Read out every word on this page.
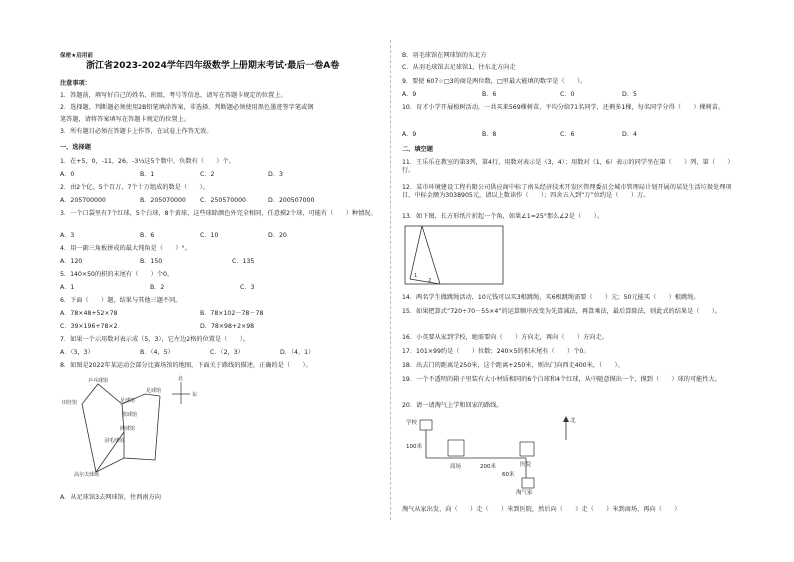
保密★启用前
浙江省2023-2024学年四年级数学上册期末考试·最后一卷A卷
注意事项：
1．答题前，填写好自己的姓名、班级、考号等信息，请写在答题卡规定的位置上。
2．选择题、判断题必须使用2B铅笔填涂答案，非选择、判断题必须使用黑色墨迹签字笔或钢
笔答题，请将答案填写在答题卡规定的位置上。
3．所有题目必须在答题卡上作答，在试卷上作答无效。
一、选择题
1．在+5，0，-11，26，-3⅓这5个数中，负数有（　　）个。
A．0	B．1	C．2	D．3
2．由2个亿、5个百万、7个十万组成的数是（　　）。
A．205700000	B．205070000 C．250570000	D．200507000
3．一个口袋里有7个红球，5个白球，8个黄球，这些球除颜色外完全相同，任意摸2个球，可能有（　　）种情况。
A．3	B．6	C．10	D．20
4．用一副三角板拼成的最大钝角是（　　）°。
A．120	B．150	C．135
5．140×50的积的末尾有（　　）个0。
A．1	B．2	C．3
6．下面（　　）题，结果与其他三题不同。
A．78×48+52×78	B．78×102－78－78
C．39×196+78×2	D．78×98+2×98
7．如果一个示用数对表示成（5，3），它左边2格的位置是（　　）。
A．（3，3）	B．（4，5）	C．（2，3）	D．（4，1）
8．如图是2022年某运动会部分比赛场馆的地图，下面关于路线的描述，正确的是（　　）。
乒乓球馆
足球馆
足球馆
篮球馆
田径馆
网球馆
羽毛球馆
高尔夫球场
北
东
A．从足球馆3去网球馆，往西南方向
B．羽毛球馆在网球馆的东北方
C．从羽毛球馆去足球馆1，往东北方向走
9．要使 607☆□3的商是两位数，□里最大能填的数字是（　　）。
A．9	B．6	C．0	D．5
10．育才小学开展植树活动，一共买来569棵树苗，平均分给71名同学，还剩多1棵，每名同学分得（　　）棵树苗。
A．9	B．8	C．6	D．4
二、填空题
11．王乐乐在教室的第3列，第4行，用数对表示是（3，4）；用数对（1，6）表示的同学坐在第（　　）列，第（　　）行。
12．某市环境建设工程有限公司供应商中标了南头经济技术开发区管理委员会城市管理局计划开展的某处生活垃圾处理项目，中标金额为3038905元，请以上数读作（　　）；四舍五入到“万”位约是（　　）万。
13．如下图，长方形纸片折起一个角，如果∠1=25°那么∠2是（　　）。
1
2
14．两名学生做跳绳活动，10元钱可以买3根跳绳，买6根跳绳需要（　　）元；50元能买（　　）根跳绳。
15．如果把算式“720÷70－55×4”的运算顺序改变为先算减法，再算乘法，最后算除法，则此式的结果是（　　）。
16．小英要从家到学校，她需要向（　　）方向走，再向（　　）方向走。
17．101×99约是（　　）位数；240×5的积末尾有（　　）个0。
18．出去门的距离是250米，这个距离+250米，则出门向西走400米，（　　）。
19．一个不透明的箱子里装有大小材质相同的6个白球和4个红球，从中随意摸出一个，摸到（　　）球的可能性大。
20．请一请淘气上学和回家的路线。
学校
商场	医院
淘气家
北
100米
200米
60米
淘气从家出发，向（　　）走（　　）米到医院，然后向（　　）走（　　）米到商场，再向（　　）
